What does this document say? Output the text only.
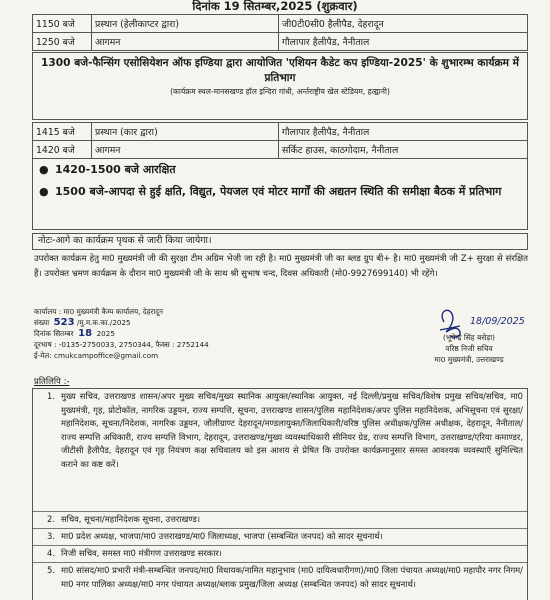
दिनांक 19 सितम्बर,2025 (शुक्रवार)
1150 बजे	प्रस्थान (हेलीकाप्टर द्वारा)	जी0टी0सी0 हैलीपैड, देहरादून
1250 बजे	आगमन	गौलापार हैलीपैड, नैनीताल
1300 बजे-फैन्सिंग एसोसियेशन ऑफ इण्डिया द्वारा आयोजित 'एशियन कैडेट कप इण्डिया-2025' के शुभारम्भ कार्यक्रम में प्रतिभाग
(कार्यक्रम स्थल-मानसखण्ड हॉल इन्दिरा गांधी, अर्न्तराष्ट्रीय खेल स्टेडियम, हल्द्वानी)
1415 बजे	प्रस्थान (कार द्वारा)	गौलापार हैलीपैड, नैनीताल
1420 बजे	आगमन	सर्किट हाउस, काठगोदाम, नैनीताल
● 1420-1500 बजे आरक्षित
● 1500 बजे-आपदा से हुई क्षति, विद्युत, पेयजल एवं मोटर मार्गों की अद्यतन स्थिति की समीक्षा बैठक में प्रतिभाग
नोटः-आगे का कार्यक्रम पृथक से जारी किया जायेगा।
उपरोक्त कार्यक्रम हेतु मा0 मुख्यमंत्री जी की सुरक्षा टीम अग्रिम भेजी जा रही है। मा0 मुख्यमंत्री जी का ब्लड ग्रुप बी+ है। मा0 मुख्यमंत्री जी Z+ सुरक्षा से संरक्षित हैं। उपरोक्त भ्रमण कार्यक्रम के दौरान मा0 मुख्यमंत्री जी के साथ श्री सुभाष चन्द, दिवस अधिकारी (मो0-9927699140) भी रहेंगे।
कार्यालय : मा0 मुख्यमंत्री कैम्प कार्यालय, देहरादून
संख्या 523 /मु.म.क.का./2025
दिनांक सितम्बर 18 2025
दूरभाष : -0135-2750033, 2750344, फैक्स : 2752144
ई-मेल: cmukcampoffice@gmail.com
18/09/2025
(भूपेन्द्र सिंह बसेड़ा)
वरिष्ठ निजी सचिव
मा0 मुख्यमंत्री, उत्तराखण्ड
प्रतिलिपि :-
1. मुख्य सचिव, उत्तराखण्ड शासन/अपर मुख्य सचिव/मुख्य स्थानिक आयुक्त/स्थानिक आयुक्त, नई दिल्ली/प्रमुख सचिव/विशेष प्रमुख सचिव/सचिव, मा0 मुख्यमंत्री, गृह, प्रोटोकॉल, नागरिक उड्डयन, राज्य सम्पत्ति, सूचना, उत्तराखण्ड शासन/पुलिस महानिदेशक/अपर पुलिस महानिदेशक, अभिसूचना एवं सुरक्षा/महानिदेशक, सूचना/निदेशक, नागरिक उड्डयन, जौलीग्राण्ट देहरादून/मण्डलायुक्त/जिलाधिकारी/वरिष्ठ पुलिस अधीक्षक/पुलिस अधीक्षक, देहरादून, नैनीताल/राज्य सम्पत्ति अधिकारी, राज्य सम्पत्ति विभाग, देहरादून, उत्तराखण्ड/मुख्य व्यवस्थाधिकारी सीनियर ग्रेड, राज्य सम्पत्ति विभाग, उत्तराखण्ड/एरिया कमाण्डर, जीटीसी हैलीपैड, देहरादून एवं गृह नियंत्रण कक्ष सचिवालय को इस आशय से प्रेषित कि उपरोक्त कार्यक्रमानुसार समस्त आवश्यक व्यवस्थाएँ सुनिश्चित कराने का कष्ट करें।
2. सचिव, सूचना/महानिदेशक सूचना, उत्तराखण्ड।
3. मा0 प्रदेश अध्यक्ष, भाजपा/मा0 उत्तराखण्ड/मा0 जिलाध्यक्ष, भाजपा (सम्बन्धित जनपद) को सादर सूचनार्थ।
4. निजी सचिव, समस्त मा0 मंत्रीगण उत्तराखण्ड सरकार।
5. मा0 सांसद/मा0 प्रभारी मंत्री-सम्बन्धित जनपद/मा0 विधायक/नामित महानुभाव (मा0 दायित्वधारीगण)/मा0 जिला पंचायत अध्यक्ष/मा0 महापौर नगर निगम/मा0 नगर पालिका अध्यक्ष/मा0 नगर पंचायत अध्यक्ष/ब्लाक प्रमुख/जिला अध्यक्ष (सम्बन्धित जनपद) को सादर सूचनार्थ।
